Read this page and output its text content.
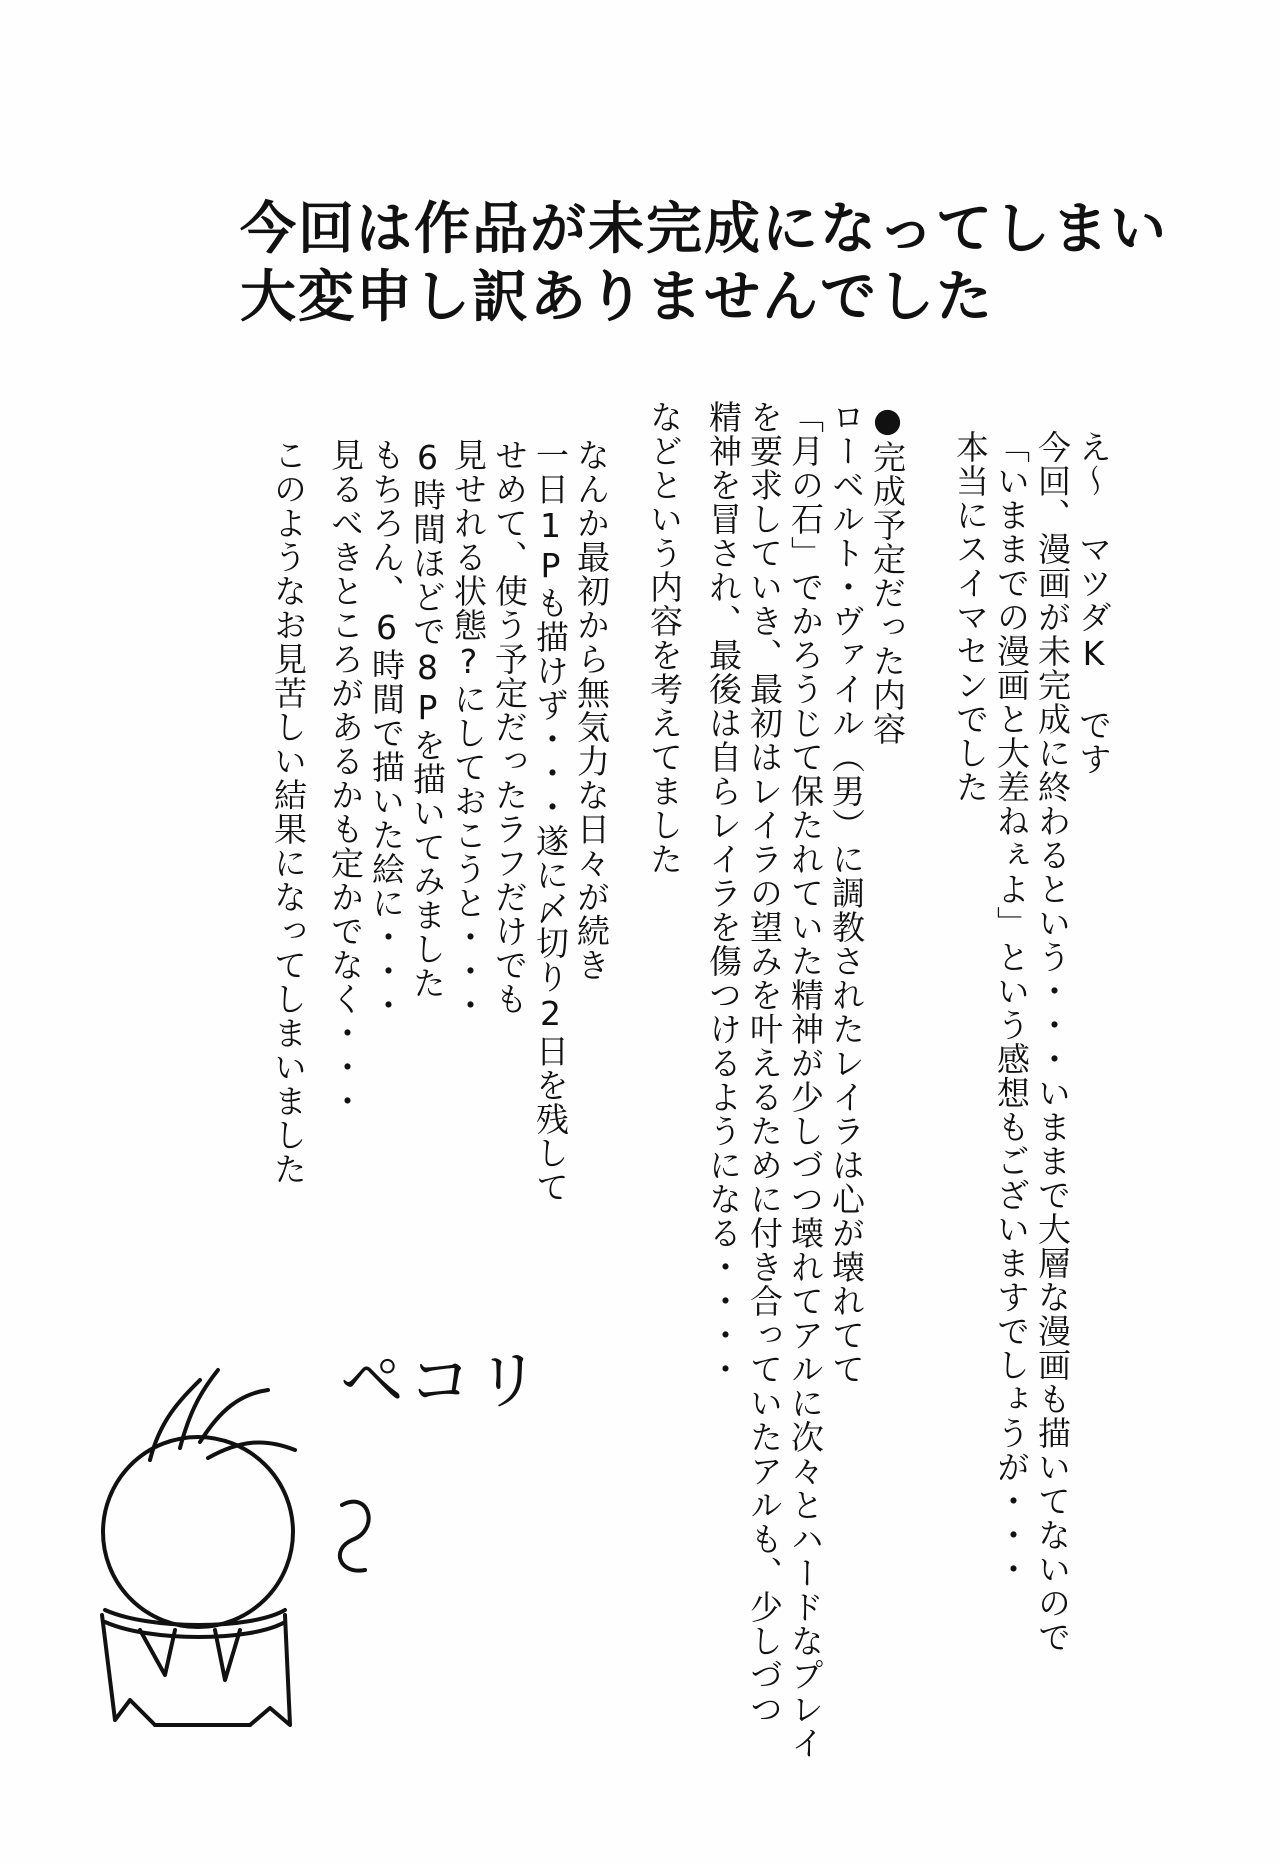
今回は作品が未完成になってしまい
大変申し訳ありませんでした
え〜　マツダK　です
今回、漫画が未完成に終わるという・・・いままで大層な漫画も描いてないので
「いままでの漫画と大差ねぇよ」という感想もございますでしょうが・・・
本当にスイマセンでした
●完成予定だった内容
ローベルト・ヴァイル（男）に調教されたレイラは心が壊れてて
「月の石」でかろうじて保たれていた精神が少しづつ壊れてアルに次々とハードなプレイ
を要求していき、最初はレイラの望みを叶えるために付き合っていたアルも、少しづつ
精神を冒され、最後は自らレイラを傷つけるようになる・・・・
などという内容を考えてました
なんか最初から無気力な日々が続き
一日1Pも描けず・・・遂に〆切り2日を残して
せめて、使う予定だったラフだけでも
見せれる状態?にしておこうと・・・
6時間ほどで8Pを描いてみました
もちろん、6時間で描いた絵に・・・
見るべきところがあるかも定かでなく・・・
このようなお見苦しい結果になってしまいました
ペコリ
